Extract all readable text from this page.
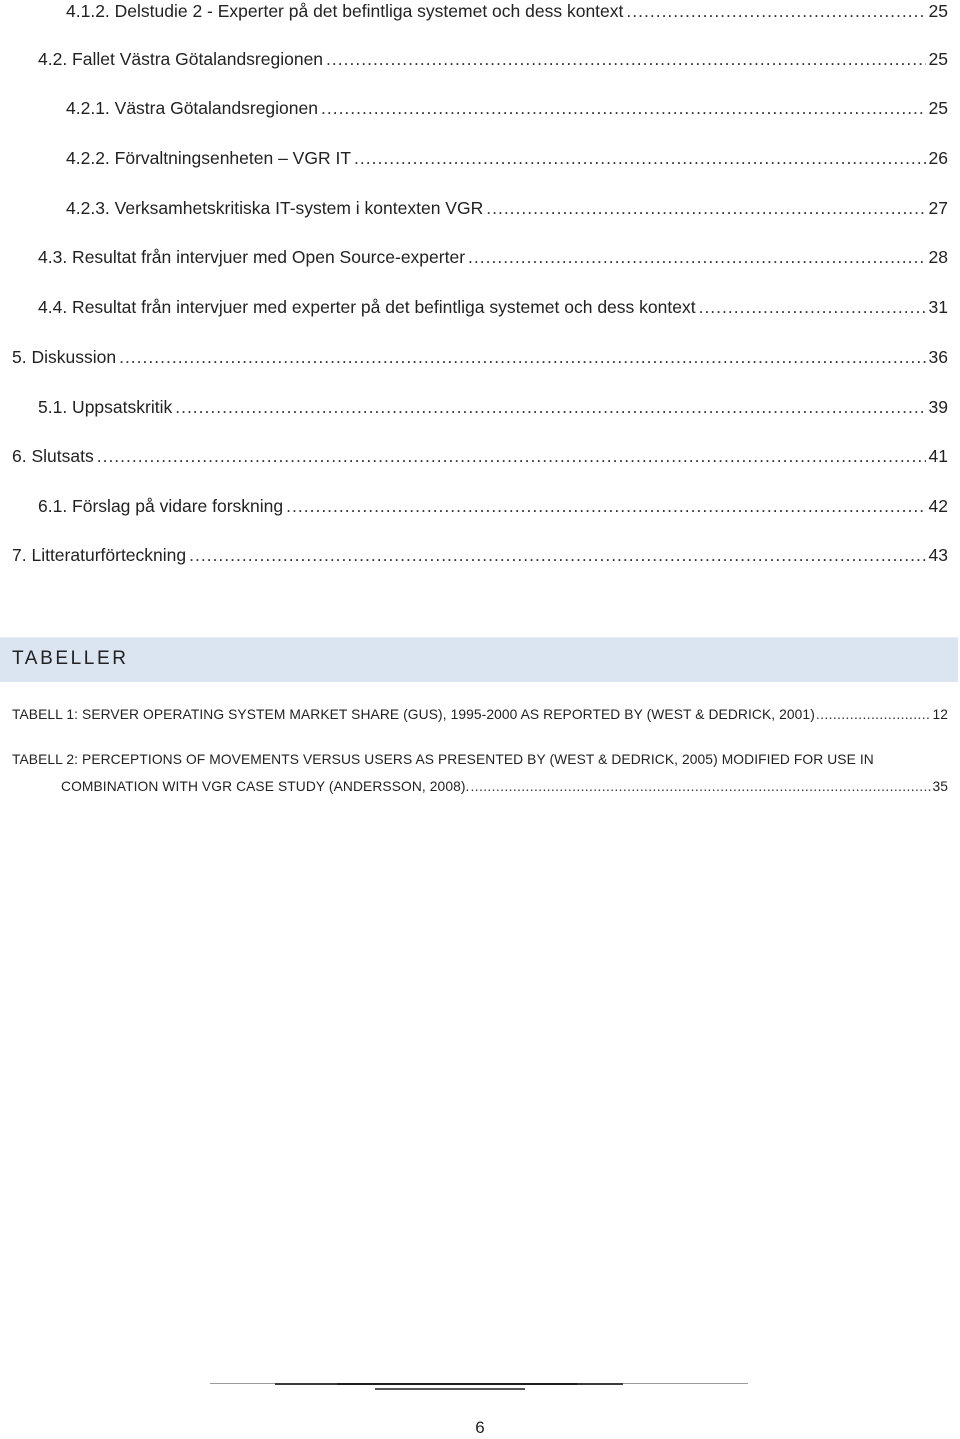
4.1.2. Delstudie 2 - Experter på det befintliga systemet och dess kontext .....	25
4.2. Fallet Västra Götalandsregionen .....	25
4.2.1. Västra Götalandsregionen .....	25
4.2.2. Förvaltningsenheten – VGR IT .....	26
4.2.3. Verksamhetskritiska IT-system i kontexten VGR .....	27
4.3. Resultat från intervjuer med Open Source-experter .....	28
4.4. Resultat från intervjuer med experter på det befintliga systemet och dess kontext .....	31
5. Diskussion .....	36
5.1. Uppsatskritik .....	39
6. Slutsats .....	41
6.1. Förslag på vidare forskning .....	42
7. Litteraturförteckning .....	43
TABELLER
TABELL 1: SERVER OPERATING SYSTEM MARKET SHARE (GUS), 1995-2000 AS REPORTED BY (WEST & DEDRICK, 2001) .....	12
TABELL 2: PERCEPTIONS OF MOVEMENTS VERSUS USERS AS PRESENTED BY (WEST & DEDRICK, 2005) MODIFIED FOR USE IN
COMBINATION WITH VGR CASE STUDY (ANDERSSON, 2008). .....	35
6
